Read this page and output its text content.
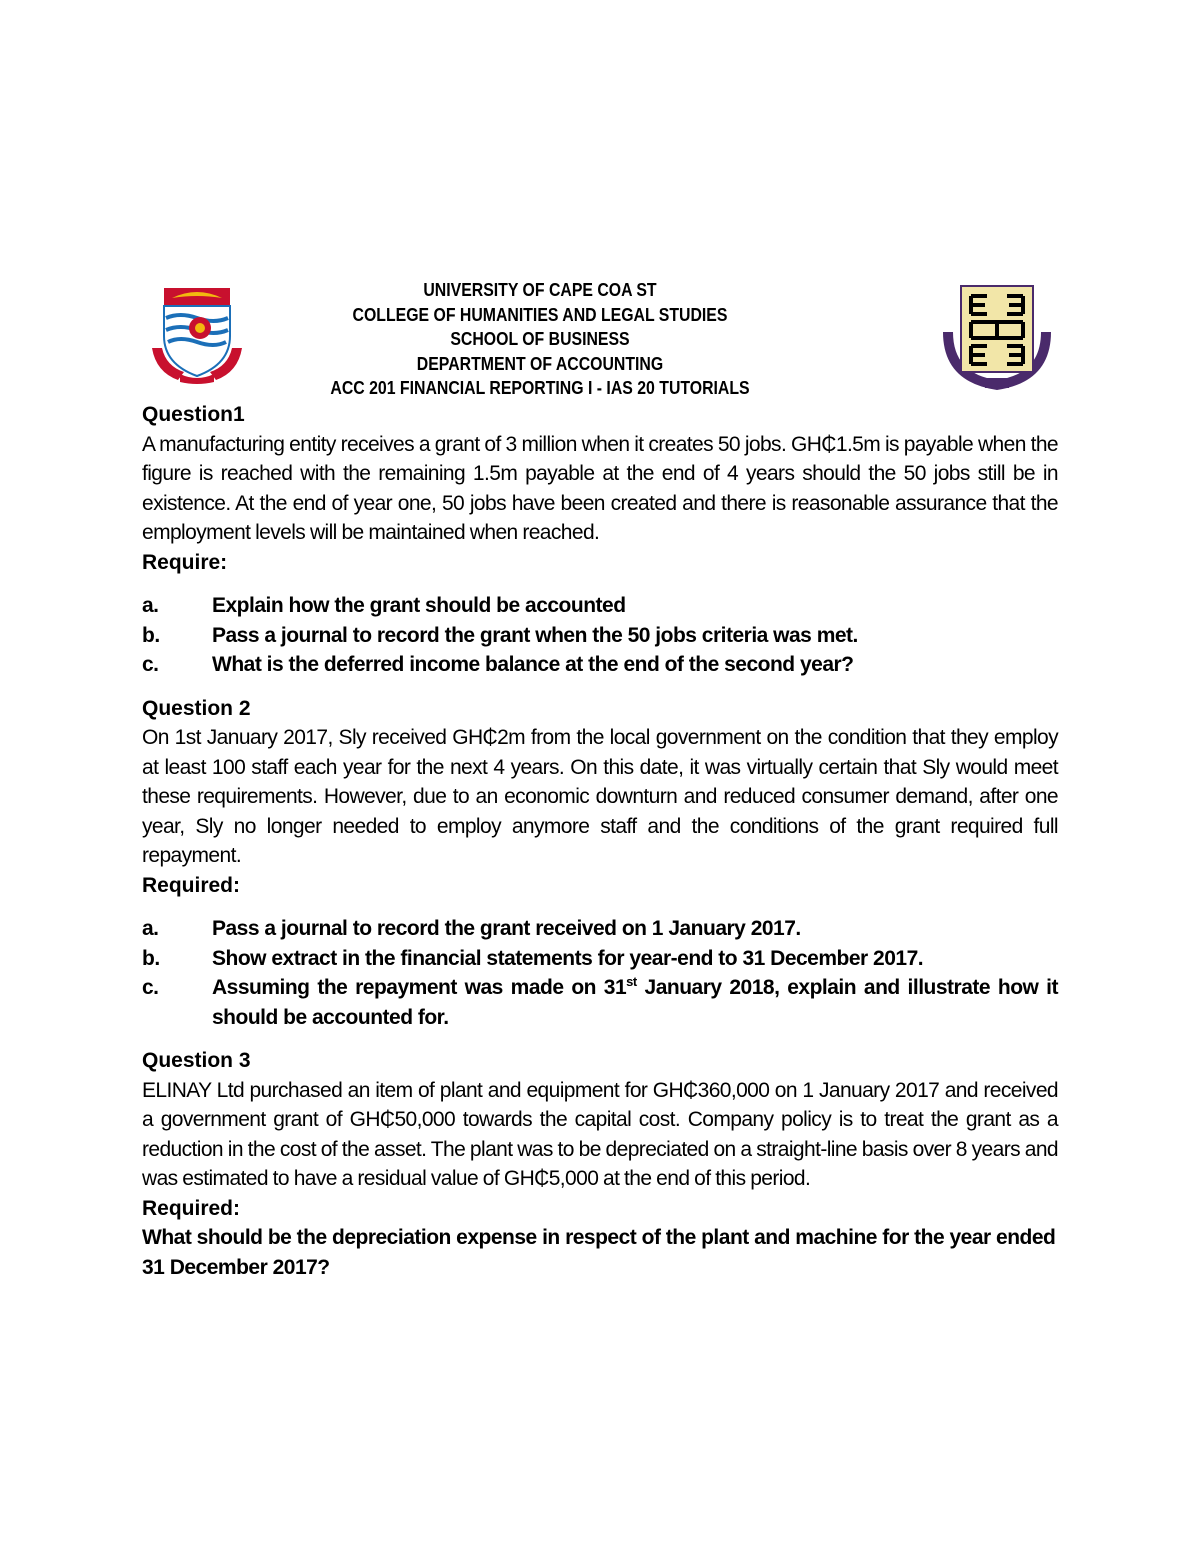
UNIVERSITY OF CAPE COA ST
COLLEGE OF HUMANITIES AND LEGAL STUDIES
SCHOOL OF BUSINESS
DEPARTMENT OF ACCOUNTING
ACC 201 FINANCIAL REPORTING I - IAS 20 TUTORIALS

Question1

A manufacturing entity receives a grant of 3 million when it creates 50 jobs. GH₵1.5m is payable when the figure is reached with the remaining 1.5m payable at the end of 4 years should the 50 jobs still be in existence. At the end of year one, 50 jobs have been created and there is reasonable assurance that the employment levels will be maintained when reached.

Require:

a.	Explain how the grant should be accounted
b.	Pass a journal to record the grant when the 50 jobs criteria was met.
c.	What is the deferred income balance at the end of the second year?

Question 2

On 1st January 2017, Sly received GH₵2m from the local government on the condition that they employ at least 100 staff each year for the next 4 years. On this date, it was virtually certain that Sly would meet these requirements. However, due to an economic downturn and reduced consumer demand, after one year, Sly no longer needed to employ anymore staff and the conditions of the grant required full repayment.

Required:

a.	Pass a journal to record the grant received on 1 January 2017.
b.	Show extract in the financial statements for year-end to 31 December 2017.
c.	Assuming the repayment was made on 31st January 2018, explain and illustrate how it should be accounted for.

Question 3

ELINAY Ltd purchased an item of plant and equipment for GH₵360,000 on 1 January 2017 and received a government grant of GH₵50,000 towards the capital cost. Company policy is to treat the grant as a reduction in the cost of the asset. The plant was to be depreciated on a straight-line basis over 8 years and was estimated to have a residual value of GH₵5,000 at the end of this period.

Required:

What should be the depreciation expense in respect of the plant and machine for the year ended 31 December 2017?
